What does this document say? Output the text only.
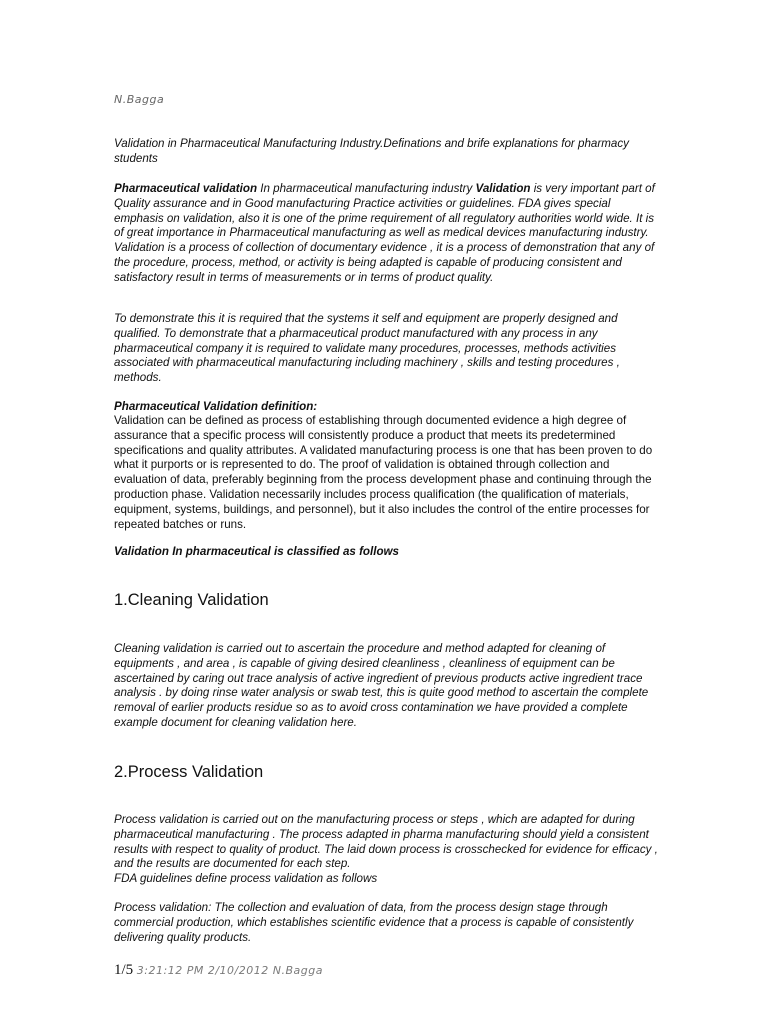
N.Bagga
Validation in Pharmaceutical Manufacturing Industry.Definations and brife explanations for pharmacy students
Pharmaceutical validation In pharmaceutical manufacturing industry Validation is very important part of Quality assurance and in Good manufacturing Practice activities or guidelines. FDA gives special emphasis on validation, also it is one of the prime requirement of all regulatory authorities world wide. It is of great importance in Pharmaceutical manufacturing as well as medical devices manufacturing industry.
Validation is a process of collection of documentary evidence , it is a process of demonstration that any of the procedure, process, method, or activity is being adapted is capable of producing consistent and satisfactory result in terms of measurements or in terms of product quality.
To demonstrate this it is required that the systems it self and equipment are properly designed and qualified. To demonstrate that a pharmaceutical product manufactured with any process in any pharmaceutical company it is required to validate many procedures, processes, methods activities associated with pharmaceutical manufacturing including machinery , skills and testing procedures , methods.
Pharmaceutical Validation definition:
Validation can be defined as process of establishing through documented evidence a high degree of assurance that a specific process will consistently produce a product that meets its predetermined specifications and quality attributes. A validated manufacturing process is one that has been proven to do what it purports or is represented to do. The proof of validation is obtained through collection and evaluation of data, preferably beginning from the process development phase and continuing through the production phase. Validation necessarily includes process qualification (the qualification of materials, equipment, systems, buildings, and personnel), but it also includes the control of the entire processes for repeated batches or runs.
Validation In pharmaceutical is classified as follows
1.Cleaning Validation
Cleaning validation is carried out to ascertain the procedure and method adapted for cleaning of equipments , and area , is capable of giving desired cleanliness , cleanliness of equipment can be ascertained by caring out trace analysis of active ingredient of previous products active ingredient trace analysis . by doing rinse water analysis or swab test, this is quite good method to ascertain the complete removal of earlier products residue so as to avoid cross contamination we have provided a complete example document for cleaning validation here.
2.Process Validation
Process validation is carried out on the manufacturing process or steps , which are adapted for during pharmaceutical manufacturing . The process adapted in pharma manufacturing should yield a consistent results with respect to quality of product. The laid down process is crosschecked for evidence for efficacy , and the results are documented for each step.
FDA guidelines define process validation as follows
Process validation: The collection and evaluation of data, from the process design stage through commercial production, which establishes scientific evidence that a process is capable of consistently delivering quality products.
1/5 3:21:12 PM 2/10/2012 N.Bagga
